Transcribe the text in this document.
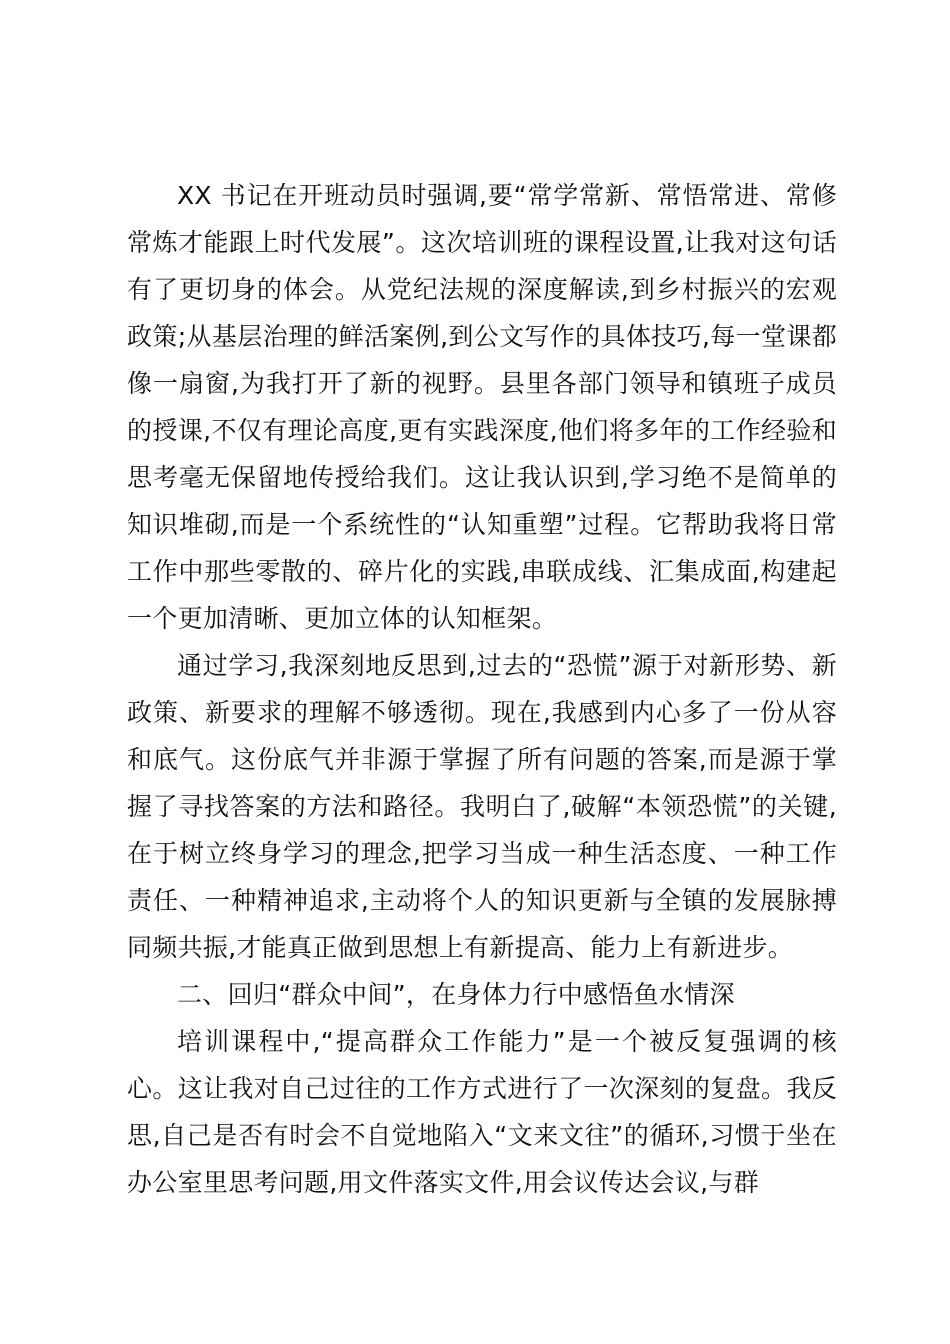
XX 书记在开班动员时强调,要“常学常新、常悟常进、常修常炼才能跟上时代发展”。这次培训班的课程设置,让我对这句话有了更切身的体会。从党纪法规的深度解读,到乡村振兴的宏观政策;从基层治理的鲜活案例,到公文写作的具体技巧,每一堂课都像一扇窗,为我打开了新的视野。县里各部门领导和镇班子成员的授课,不仅有理论高度,更有实践深度,他们将多年的工作经验和思考毫无保留地传授给我们。这让我认识到,学习绝不是简单的知识堆砌,而是一个系统性的“认知重塑”过程。它帮助我将日常工作中那些零散的、碎片化的实践,串联成线、汇集成面,构建起一个更加清晰、更加立体的认知框架。

通过学习,我深刻地反思到,过去的“恐慌”源于对新形势、新政策、新要求的理解不够透彻。现在,我感到内心多了一份从容和底气。这份底气并非源于掌握了所有问题的答案,而是源于掌握了寻找答案的方法和路径。我明白了,破解“本领恐慌”的关键,在于树立终身学习的理念,把学习当成一种生活态度、一种工作责任、一种精神追求,主动将个人的知识更新与全镇的发展脉搏同频共振,才能真正做到思想上有新提高、能力上有新进步。

二、回归“群众中间”，在身体力行中感悟鱼水情深

培训课程中,“提高群众工作能力”是一个被反复强调的核心。这让我对自己过往的工作方式进行了一次深刻的复盘。我反思,自己是否有时会不自觉地陷入“文来文往”的循环,习惯于坐在办公室里思考问题,用文件落实文件,用会议传达会议,与群
